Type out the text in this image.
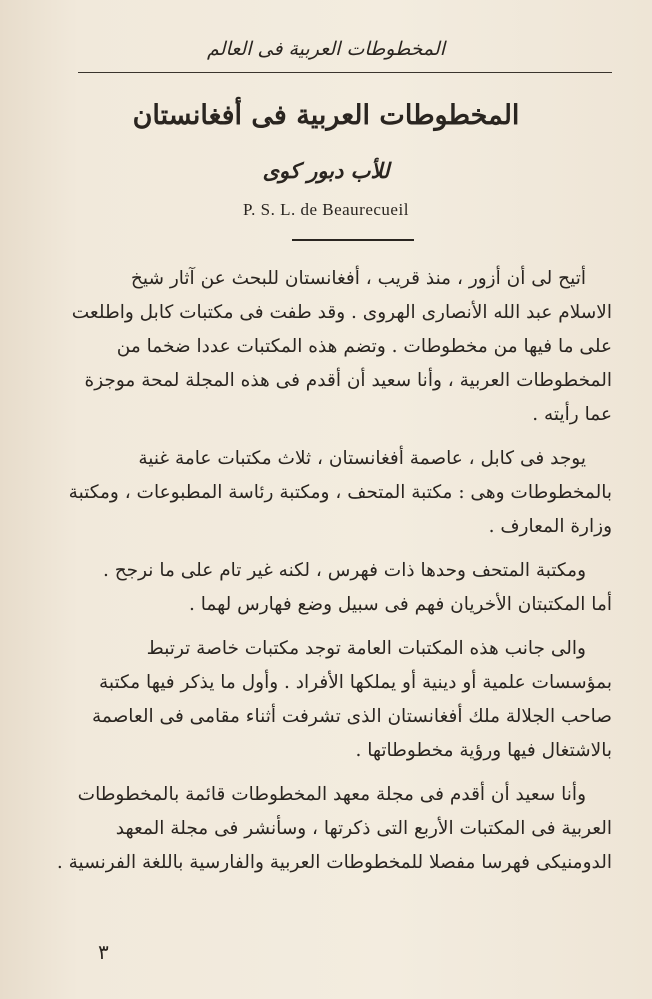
المخطوطات العربية فى العالم
المخطوطات العربية فى أفغانستان
للأب دبور كوى
P. S. L. de Beaurecueil
أتيح لى أن أزور ، منذ قريب ، أفغانستان للبحث عن آثار شيخ
الاسلام عبد الله الأنصارى الهروى . وقد طفت فى مكتبات كابل واطلعت
على ما فيها من مخطوطات . وتضم هذه المكتبات عددا ضخما من
المخطوطات العربية ، وأنا سعيد أن أقدم فى هذه المجلة لمحة موجزة
عما رأيته .
يوجد فى كابل ، عاصمة أفغانستان ، ثلاث مكتبات عامة غنية
بالمخطوطات وهى : مكتبة المتحف ، ومكتبة رئاسة المطبوعات ، ومكتبة
وزارة المعارف .
ومكتبة المتحف وحدها ذات فهرس ، لكنه غير تام على ما نرجح .
أما المكتبتان الأخريان فهم فى سبيل وضع فهارس لهما .
والى جانب هذه المكتبات العامة توجد مكتبات خاصة ترتبط
بمؤسسات علمية أو دينية أو يملكها الأفراد . وأول ما يذكر فيها مكتبة
صاحب الجلالة ملك أفغانستان الذى تشرفت أثناء مقامى فى العاصمة
بالاشتغال فيها ورؤية مخطوطاتها .
وأنا سعيد أن أقدم فى مجلة معهد المخطوطات قائمة بالمخطوطات
العربية فى المكتبات الأربع التى ذكرتها ، وسأنشر فى مجلة المعهد
الدومنيكى فهرسا مفصلا للمخطوطات العربية والفارسية باللغة الفرنسية .
٣
